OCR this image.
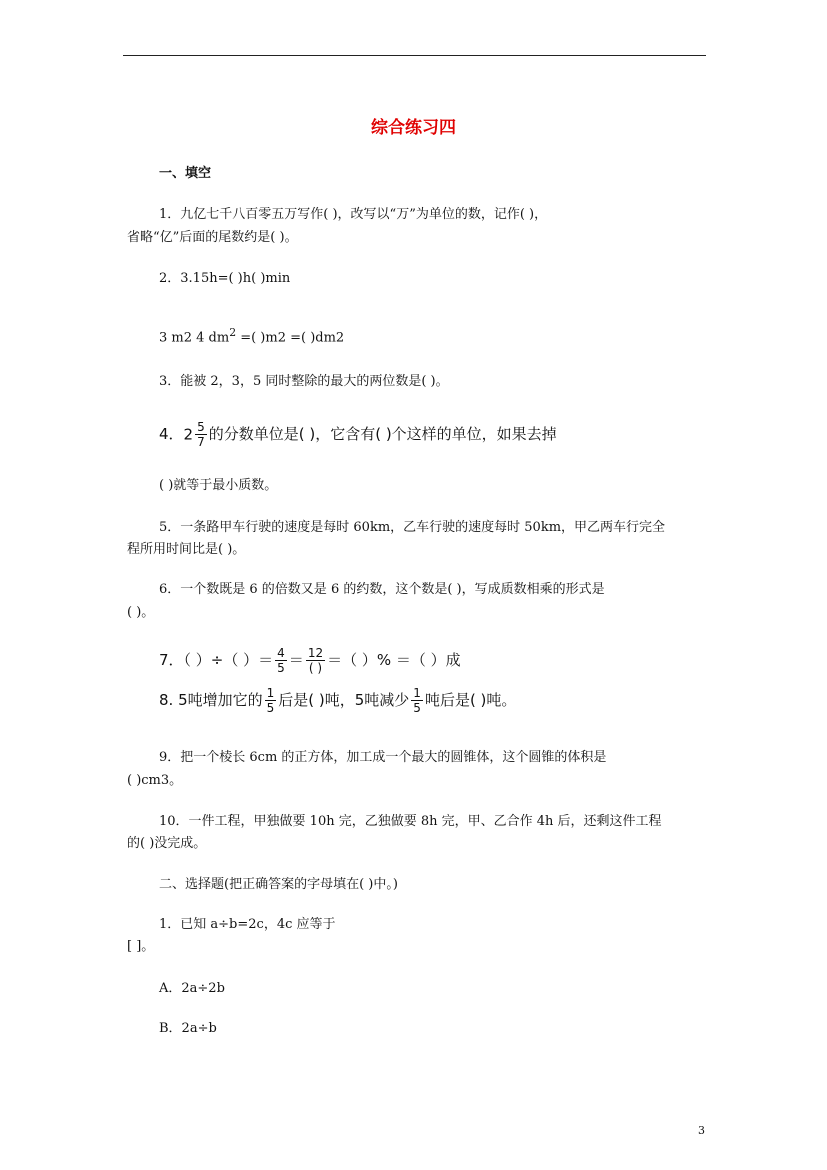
综合练习四
一、填空
1．九亿七千八百零五万写作( )，改写以“万”为单位的数，记作( )，
省略“亿”后面的尾数约是( )。
2．3.15h=( )h( )min
3 m2 4 $dm^2$ =( )m2 =( )dm2
3．能被 2，3，5 同时整除的最大的两位数是( )。
4．$2 \frac{5}{7}$ 的分数单位是( )，它含有( )个这样的单位，如果去掉
( )就等于最小质数。
5．一条路甲车行驶的速度是每时 60km，乙车行驶的速度每时 50km，甲乙两车行完全
程所用时间比是( )。
6．一个数既是 6 的倍数又是 6 的约数，这个数是( )，写成质数相乘的形式是
( )。
7．（ ）÷（ ）＝ $\frac{4}{5} = \frac{12}{( )}$ ＝（ ）% ＝（ ）成
8. 5吨增加它的 $\frac{1}{5}$ 后是( )吨，5吨减少 $\frac{1}{5}$ 吨后是( )吨。
9．把一个棱长 6cm 的正方体，加工成一个最大的圆锥体，这个圆锥的体积是
( )cm3。
10．一件工程，甲独做要 10h 完，乙独做要 8h 完，甲、乙合作 4h 后，还剩这件工程
的( )没完成。
二、选择题(把正确答案的字母填在( )中。)
1．已知 a÷b=2c，4c 应等于
[ ]。
A．2a÷2b
B．2a÷b
3
